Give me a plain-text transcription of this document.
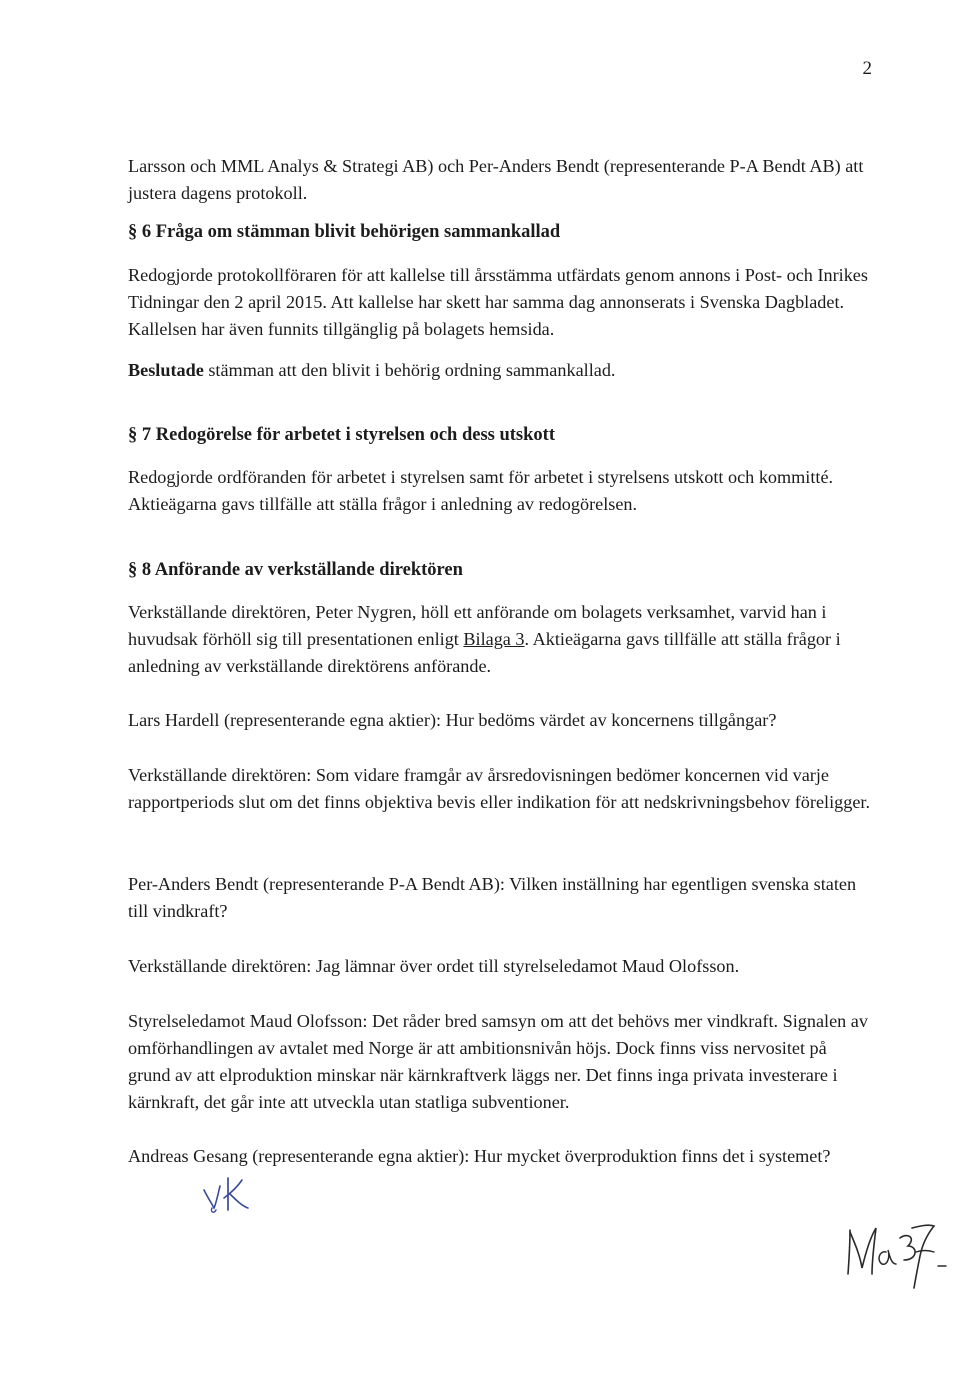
2

Larsson och MML Analys & Strategi AB) och Per-Anders Bendt (representerande P-A Bendt AB) att justera dagens protokoll.

§ 6 Fråga om stämman blivit behörigen sammankallad

Redogjorde protokollföraren för att kallelse till årsstämma utfärdats genom annons i Post- och Inrikes Tidningar den 2 april 2015. Att kallelse har skett har samma dag annonserats i Svenska Dagbladet. Kallelsen har även funnits tillgänglig på bolagets hemsida.

Beslutade stämman att den blivit i behörig ordning sammankallad.

§ 7 Redogörelse för arbetet i styrelsen och dess utskott

Redogjorde ordföranden för arbetet i styrelsen samt för arbetet i styrelsens utskott och kommitté. Aktieägarna gavs tillfälle att ställa frågor i anledning av redogörelsen.

§ 8 Anförande av verkställande direktören

Verkställande direktören, Peter Nygren, höll ett anförande om bolagets verksamhet, varvid han i huvudsak förhöll sig till presentationen enligt Bilaga 3. Aktieägarna gavs tillfälle att ställa frågor i anledning av verkställande direktörens anförande.

Lars Hardell (representerande egna aktier): Hur bedöms värdet av koncernens tillgångar?

Verkställande direktören: Som vidare framgår av årsredovisningen bedömer koncernen vid varje rapportperiods slut om det finns objektiva bevis eller indikation för att nedskrivningsbehov föreligger.

Per-Anders Bendt (representerande P-A Bendt AB): Vilken inställning har egentligen svenska staten till vindkraft?

Verkställande direktören: Jag lämnar över ordet till styrelseledamot Maud Olofsson.

Styrelseledamot Maud Olofsson: Det råder bred samsyn om att det behövs mer vindkraft. Signalen av omförhandlingen av avtalet med Norge är att ambitionsnivån höjs. Dock finns viss nervositet på grund av att elproduktion minskar när kärnkraftverk läggs ner. Det finns inga privata investerare i kärnkraft, det går inte att utveckla utan statliga subventioner.

Andreas Gesang (representerande egna aktier): Hur mycket överproduktion finns det i systemet?
